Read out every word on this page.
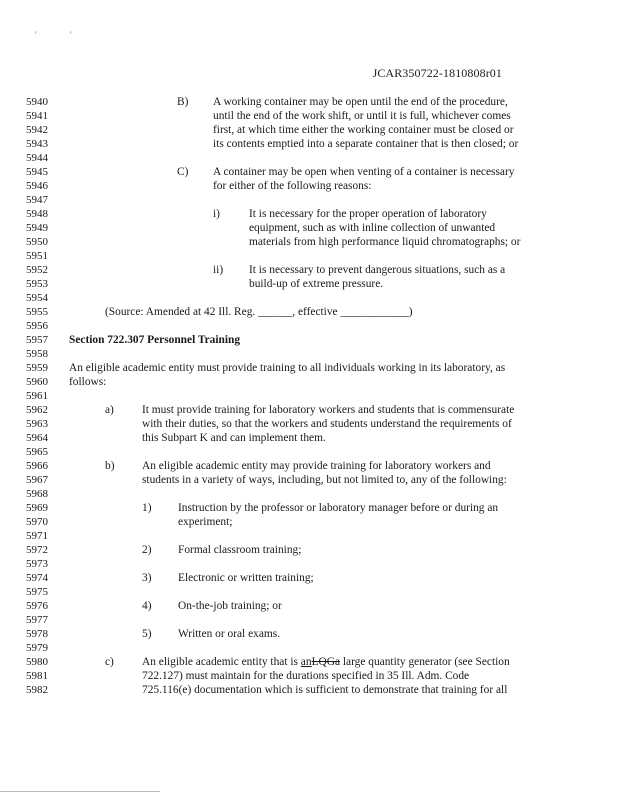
'	'
JCAR350722-1810808r01
5940
5941
5942
5943
5944
5945
5946
5947
5948
5949
5950
5951
5952
5953
5954
5955
5956
5957
5958
5959
5960
5961
5962
5963
5964
5965
5966
5967
5968
5969
5970
5971
5972
5973
5974
5975
5976
5977
5978
5979
5980
5981
5982
B) A working container may be open until the end of the procedure,
until the end of the work shift, or until it is full, whichever comes
first, at which time either the working container must be closed or
its contents emptied into a separate container that is then closed; or
C) A container may be open when venting of a container is necessary
for either of the following reasons:
i)	It is necessary for the proper operation of laboratory
equipment, such as with inline collection of unwanted
materials from high performance liquid chromatographs; or
ii) It is necessary to prevent dangerous situations, such as a
build-up of extreme pressure.
(Source: Amended at 42 Ill. Reg. ______, effective ____________)
Section 722.307 Personnel Training
An eligible academic entity must provide training to all individuals working in its laboratory, as
follows:
a) It must provide training for laboratory workers and students that is commensurate
with their duties, so that the workers and students understand the requirements of
this Subpart K and can implement them.
b) An eligible academic entity may provide training for laboratory workers and
students in a variety of ways, including, but not limited to, any of the following:
1) Instruction by the professor or laboratory manager before or during an
experiment;
2) Formal classroom training;
3) Electronic or written training;
4) On-the-job training; or
5) Written or oral exams.
c) An eligible academic entity that is anLQGa large quantity generator (see Section
722.127) must maintain for the durations specified in 35 Ill. Adm. Code
725.116(e) documentation which is sufficient to demonstrate that training for all
